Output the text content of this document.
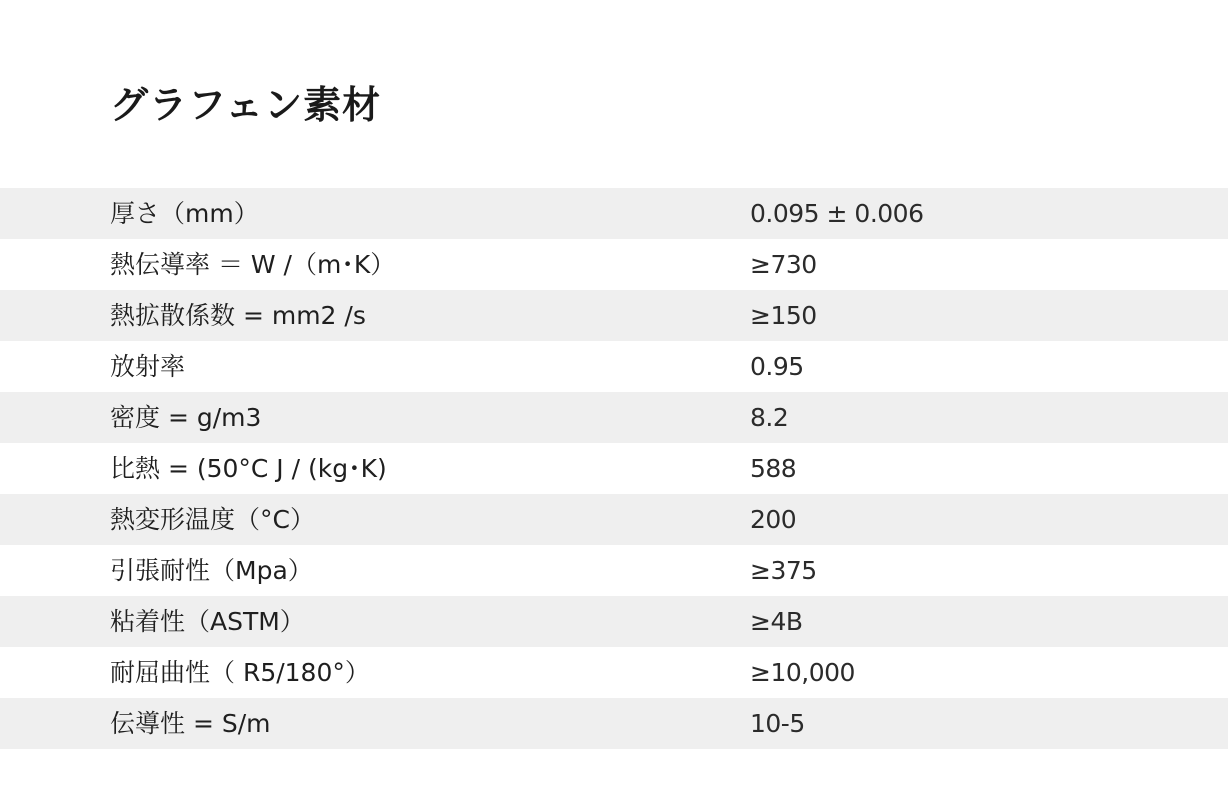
グラフェン素材
厚さ（mm）	0.095 ± 0.006
熱伝導率 ＝ W /（m･K）	≥730
熱拡散係数 = mm2 /s	≥150
放射率	0.95
密度 = g/m3	8.2
比熱 = (50°C J / (kg･K)	588
熱変形温度（°C）	200
引張耐性（Mpa）	≥375
粘着性（ASTM）	≥4B
耐屈曲性（ R5/180°）	≥10,000
伝導性 = S/m	10-5
